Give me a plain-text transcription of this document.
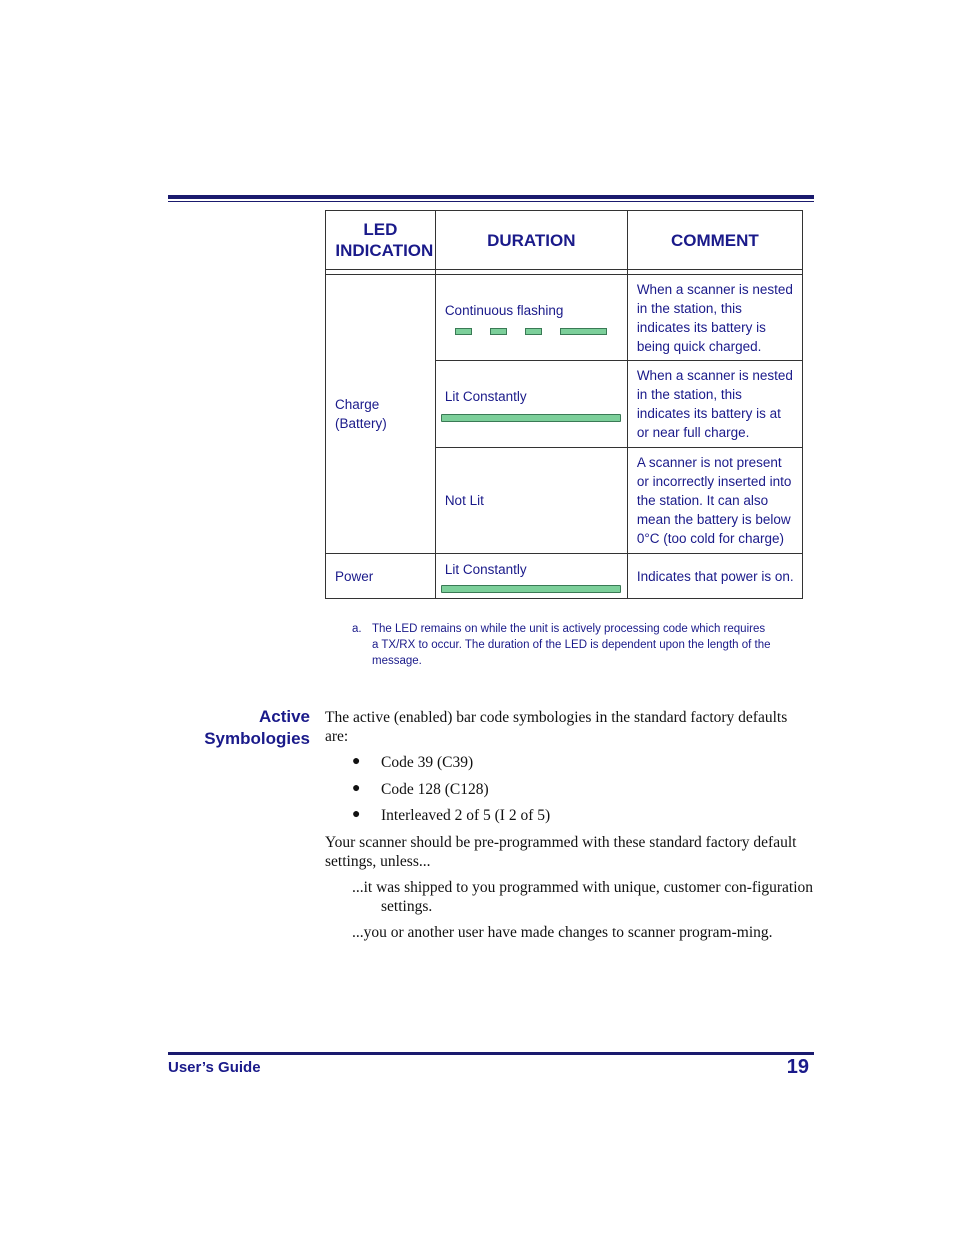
LED INDICATION	DURATION	COMMENT

Charge (Battery)	Continuous flashing	When a scanner is nested in the station, this indicates its battery is being quick charged.

	Lit Constantly	When a scanner is nested in the station, this indicates its battery is at or near full charge.

	Not Lit	A scanner is not present or incorrectly inserted into the station. It can also mean the battery is below 0°C (too cold for charge)

Power	Lit Constantly	Indicates that power is on.
a. The LED remains on while the unit is actively processing code which requires a TX/RX to occur. The duration of the LED is dependent upon the length of the message.
Active
Symbologies
The active (enabled) bar code symbologies in the standard factory defaults are:
● Code 39 (C39)
● Code 128 (C128)
● Interleaved 2 of 5 (I 2 of 5)
Your scanner should be pre-programmed with these standard factory default settings, unless...
...it was shipped to you programmed with unique, customer con-figuration settings.
...you or another user have made changes to scanner program-ming.
User’s Guide	19
